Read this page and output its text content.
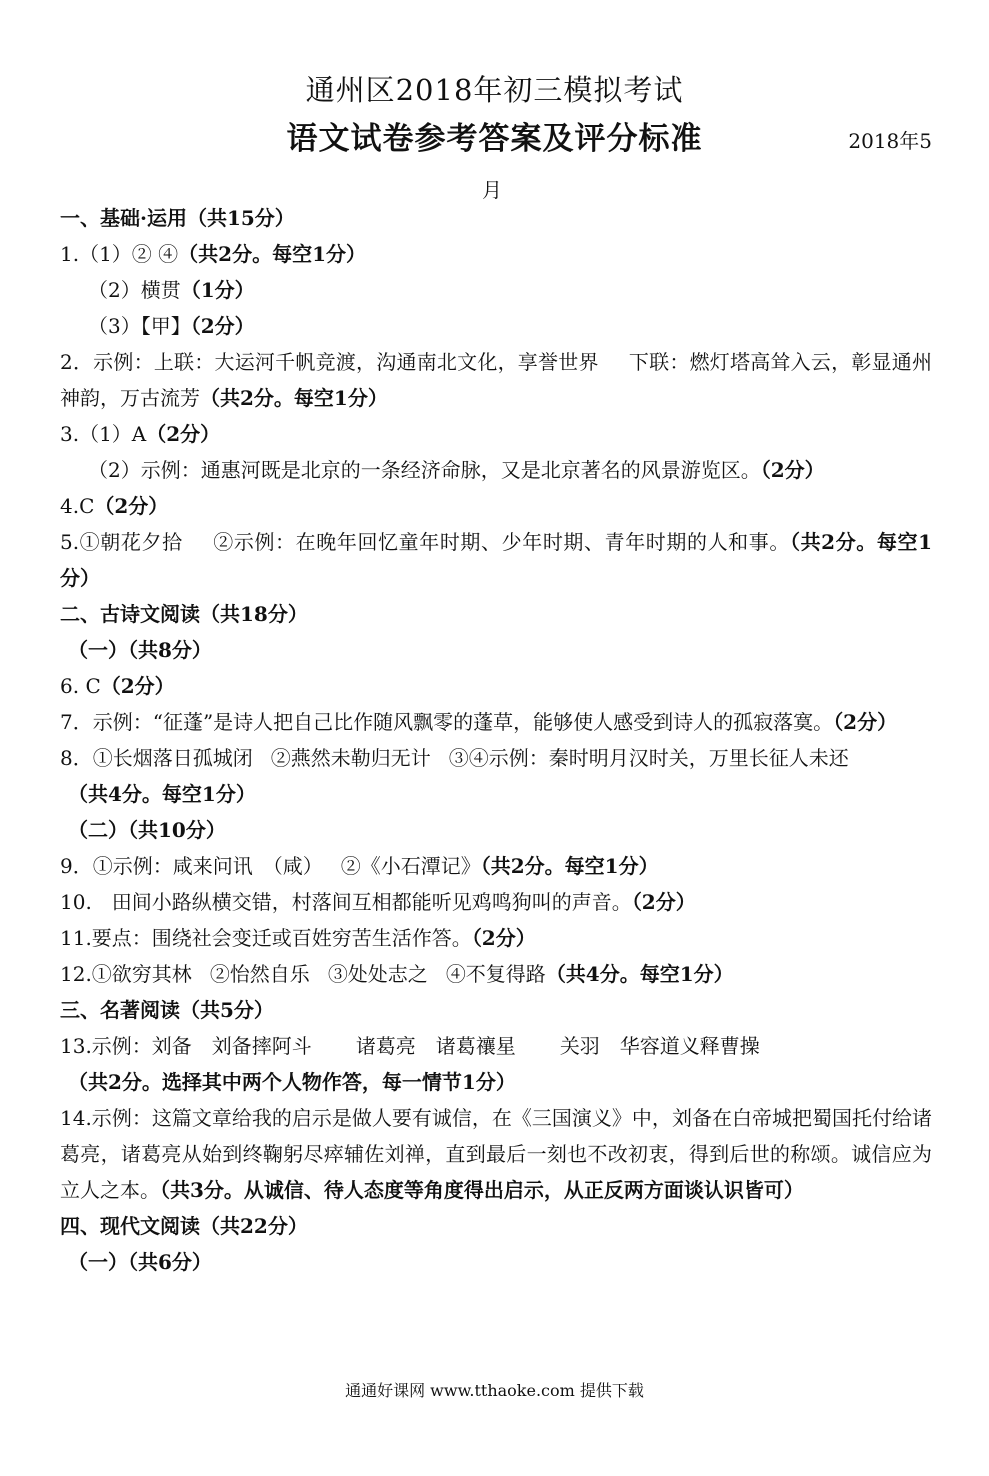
通州区2018年初三模拟考试
语文试卷参考答案及评分标准	2018年5
月

一、基础·运用（共15分）

1.（1）② ④（共2分。每空1分）

（2）横贯（1分）

（3）【甲】（2分）

2．示例：上联：大运河千帆竞渡，沟通南北文化，享誉世界 下联：燃灯塔高耸入云，彰显通州神韵，万古流芳（共2分。每空1分）

3.（1）A（2分）

（2）示例：通惠河既是北京的一条经济命脉，又是北京著名的风景游览区。（2分）

4.C（2分）

5.①朝花夕拾 ②示例：在晚年回忆童年时期、少年时期、青年时期的人和事。（共2分。每空1分）

二、古诗文阅读（共18分）

（一）（共8分）

6. C（2分）

7．示例：“征蓬”是诗人把自己比作随风飘零的蓬草，能够使人感受到诗人的孤寂落寞。（2分）

8．①长烟落日孤城闭 ②燕然未勒归无计 ③④示例：秦时明月汉时关，万里长征人未还

（共4分。每空1分）

（二）（共10分）

9．①示例：咸来问讯　（咸） ②《小石潭记》（共2分。每空1分）

10.　田间小路纵横交错，村落间互相都能听见鸡鸣狗叫的声音。（2分）

11.要点：围绕社会变迁或百姓穷苦生活作答。（2分）

12.①欲穷其林 ②怡然自乐 ③处处志之 ④不复得路（共4分。每空1分）

三、名著阅读（共5分）

13.示例：刘备　刘备摔阿斗 诸葛亮　诸葛禳星 关羽　华容道义释曹操

（共2分。选择其中两个人物作答，每一情节1分）

14.示例：这篇文章给我的启示是做人要有诚信，在《三国演义》中，刘备在白帝城把蜀国托付给诸葛亮，诸葛亮从始到终鞠躬尽瘁辅佐刘禅，直到最后一刻也不改初衷，得到后世的称颂。诚信应为立人之本。（共3分。从诚信、待人态度等角度得出启示，从正反两方面谈认识皆可）

四、现代文阅读（共22分）

（一）（共6分）

通通好课网 www.tthaoke.com 提供下载
